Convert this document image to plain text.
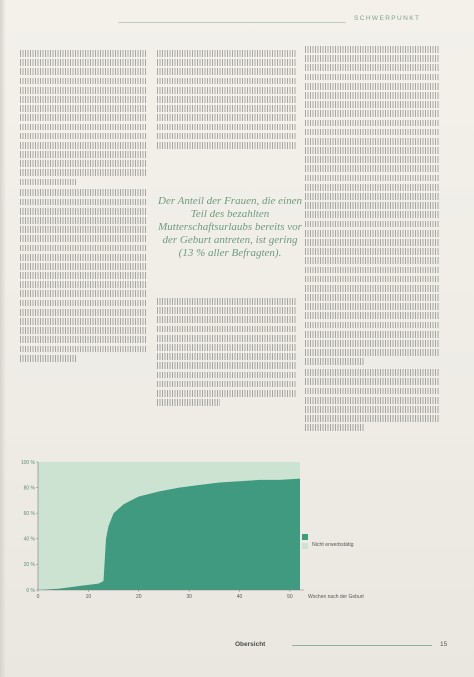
SCHWERPUNKT
Der Anteil der Frauen, die einen Teil des bezahlten Mutterschaftsurlaubs bereits vor der Geburt antreten, ist gering (13 % aller Befragten).
0 %
20 %
40 %
60 %
80 %
100 %
0	10	20	30	40	50	Wochen nach der Geburt
Nicht erwerbstätig
Obersicht	15
